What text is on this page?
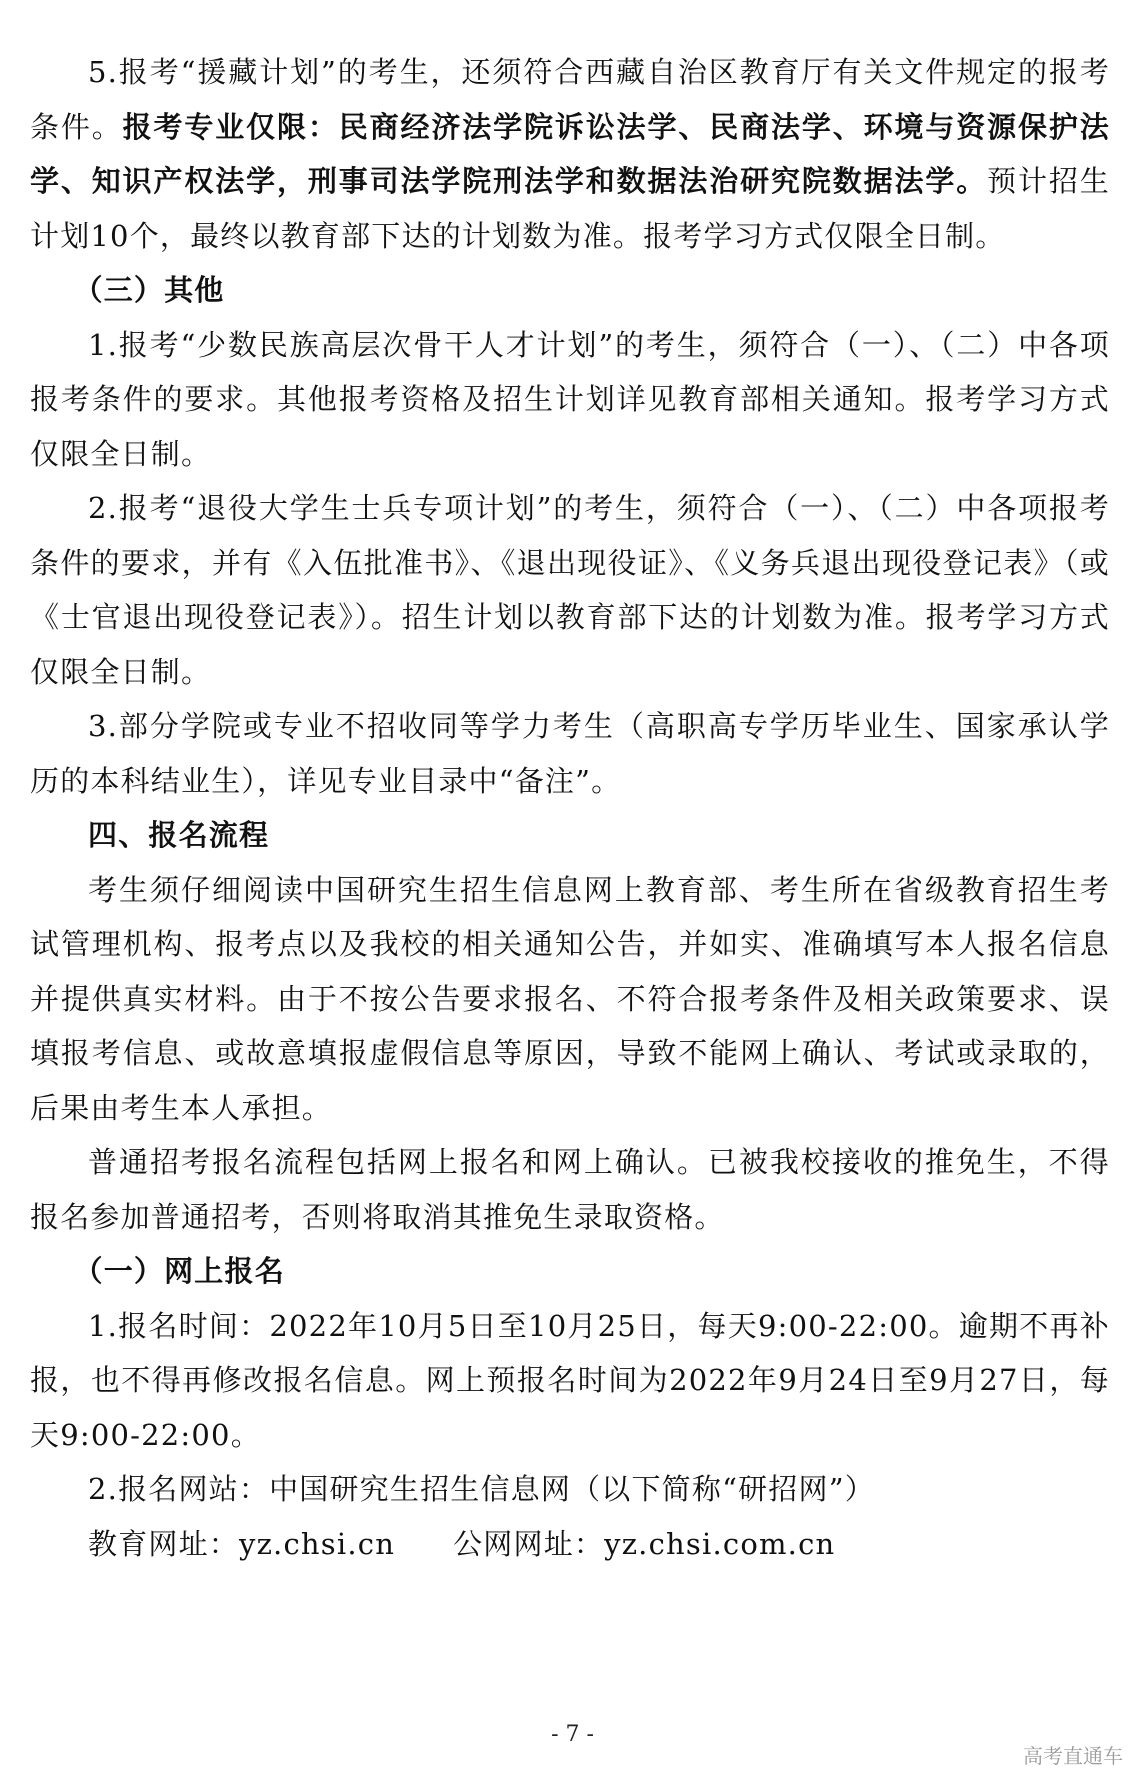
5.报考“援藏计划”的考生，还须符合西藏自治区教育厅有关文件规定的报考条件。报考专业仅限：民商经济法学院诉讼法学、民商法学、环境与资源保护法学、知识产权法学，刑事司法学院刑法学和数据法治研究院数据法学。预计招生计划10个，最终以教育部下达的计划数为准。报考学习方式仅限全日制。

（三）其他

1.报考“少数民族高层次骨干人才计划”的考生，须符合（一）、（二）中各项报考条件的要求。其他报考资格及招生计划详见教育部相关通知。报考学习方式仅限全日制。

2.报考“退役大学生士兵专项计划”的考生，须符合（一）、（二）中各项报考条件的要求，并有《入伍批准书》、《退出现役证》、《义务兵退出现役登记表》（或《士官退出现役登记表》）。招生计划以教育部下达的计划数为准。报考学习方式仅限全日制。

3.部分学院或专业不招收同等学力考生（高职高专学历毕业生、国家承认学历的本科结业生），详见专业目录中“备注”。

四、报名流程

考生须仔细阅读中国研究生招生信息网上教育部、考生所在省级教育招生考试管理机构、报考点以及我校的相关通知公告，并如实、准确填写本人报名信息并提供真实材料。由于不按公告要求报名、不符合报考条件及相关政策要求、误填报考信息、或故意填报虚假信息等原因，导致不能网上确认、考试或录取的，后果由考生本人承担。

普通招考报名流程包括网上报名和网上确认。已被我校接收的推免生，不得报名参加普通招考，否则将取消其推免生录取资格。

（一）网上报名

1.报名时间：2022年10月5日至10月25日，每天9:00-22:00。逾期不再补报，也不得再修改报名信息。网上预报名时间为2022年9月24日至9月27日，每天9:00-22:00。

2.报名网站：中国研究生招生信息网（以下简称“研招网”）

教育网址：yz.chsi.cn 公网网址：yz.chsi.com.cn

- 7 -
高考直通车
